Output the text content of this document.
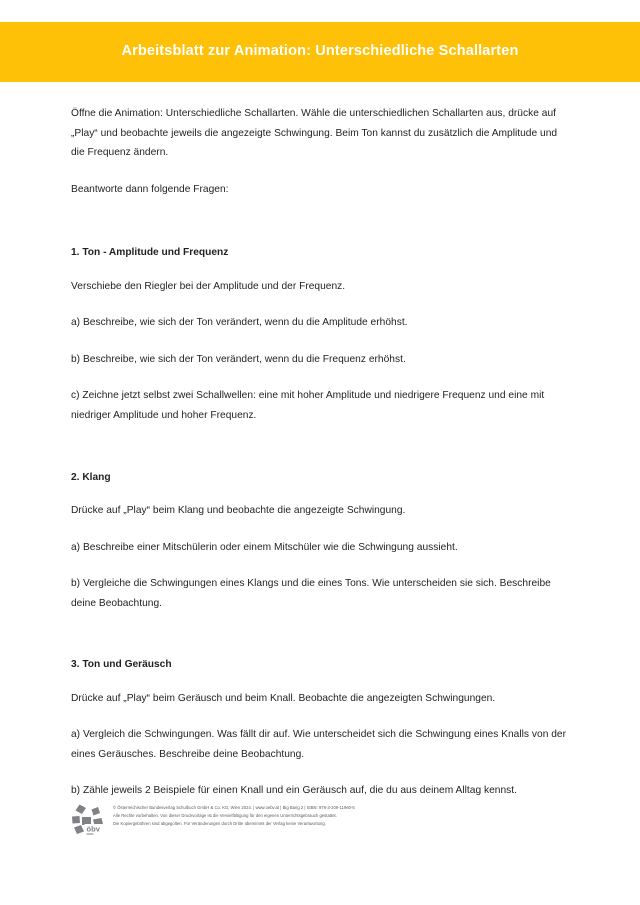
Arbeitsblatt zur Animation: Unterschiedliche Schallarten

Öffne die Animation: Unterschiedliche Schallarten. Wähle die unterschiedlichen Schallarten aus, drücke auf „Play“ und beobachte jeweils die angezeigte Schwingung. Beim Ton kannst du zusätzlich die Amplitude und die Frequenz ändern.

Beantworte dann folgende Fragen:

1. Ton - Amplitude und Frequenz

Verschiebe den Riegler bei der Amplitude und der Frequenz.

a) Beschreibe, wie sich der Ton verändert, wenn du die Amplitude erhöhst.

b) Beschreibe, wie sich der Ton verändert, wenn du die Frequenz erhöhst.

c) Zeichne jetzt selbst zwei Schallwellen: eine mit hoher Amplitude und niedrigere Frequenz und eine mit niedriger Amplitude und hoher Frequenz.

2. Klang

Drücke auf „Play“ beim Klang und beobachte die angezeigte Schwingung.

a) Beschreibe einer Mitschülerin oder einem Mitschüler wie die Schwingung aussieht.

b) Vergleiche die Schwingungen eines Klangs und die eines Tons. Wie unterscheiden sie sich. Beschreibe deine Beobachtung.

3. Ton und Geräusch

Drücke auf „Play“ beim Geräusch und beim Knall. Beobachte die angezeigten Schwingungen.

a) Vergleich die Schwingungen. Was fällt dir auf. Wie unterscheidet sich die Schwingung eines Knalls von der eines Geräusches. Beschreibe deine Beobachtung.

b) Zähle jeweils 2 Beispiele für einen Knall und ein Geräusch auf, die du aus deinem Alltag kennst.

öbv
© Österreichischer Bundesverlag Schulbuch GmbH & Co. KG, Wien 2024. | www.oebv.at | Big Bang 2 | ISBN: 978-3-209-11960-5
Alle Rechte vorbehalten. Von dieser Druckvorlage ist die Vervielfältigung für den eigenen Unterrichtsgebrauch gestattet.
Die Kopiergebühren sind abgegolten. Für Veränderungen durch Dritte übernimmt der Verlag keine Verantwortung.
